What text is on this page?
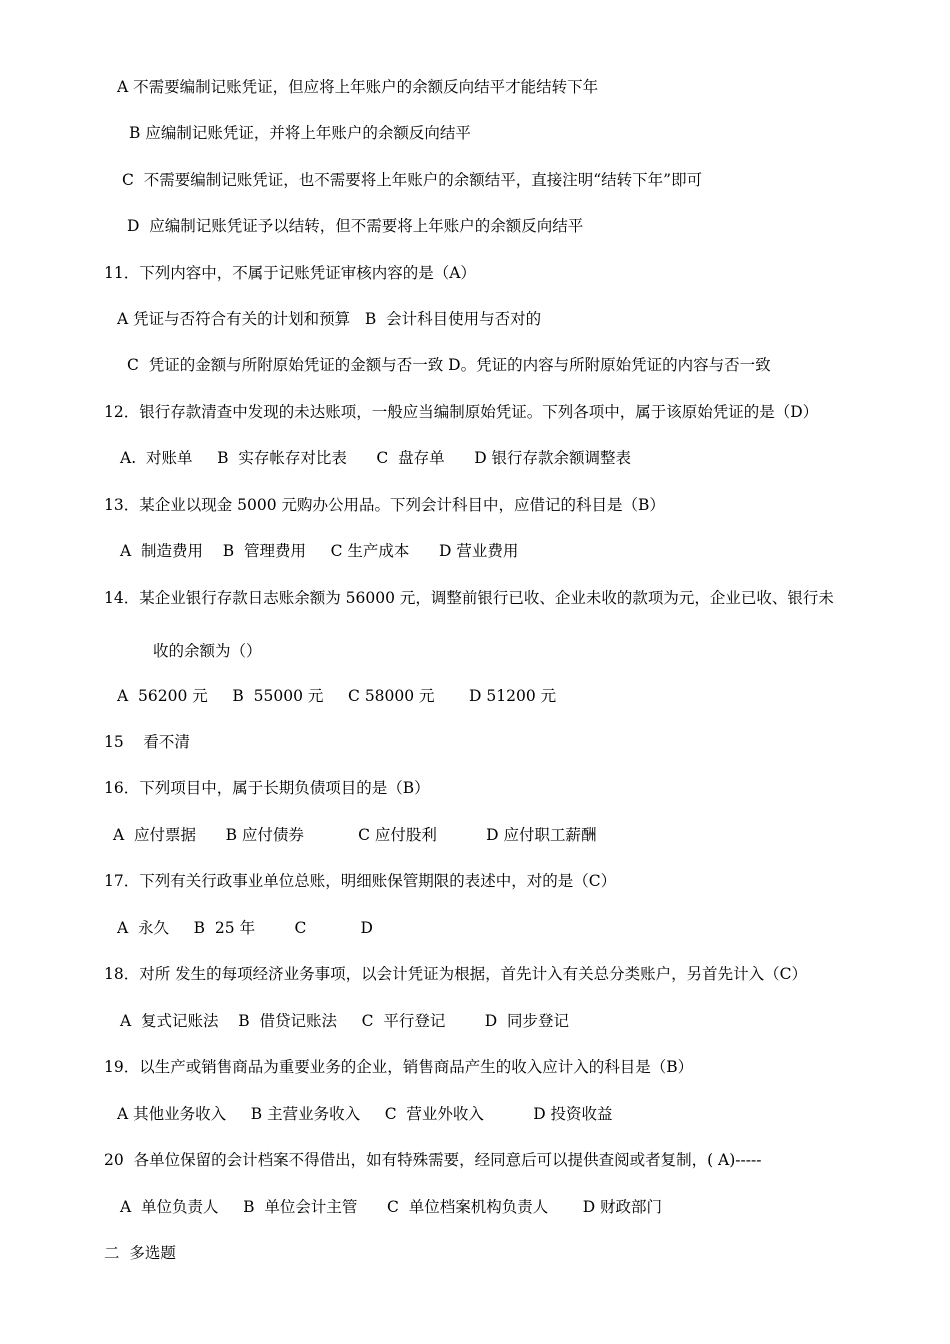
A 不需要编制记账凭证，但应将上年账户的余额反向结平才能结转下年
B 应编制记账凭证，并将上年账户的余额反向结平
C  不需要编制记账凭证，也不需要将上年账户的余额结平，直接注明“结转下年”即可
D  应编制记账凭证予以结转，但不需要将上年账户的余额反向结平
11．下列内容中，不属于记账凭证审核内容的是（A）
A 凭证与否符合有关的计划和预算   B  会计科目使用与否对的
C  凭证的金额与所附原始凭证的金额与否一致 D。凭证的内容与所附原始凭证的内容与否一致
12．银行存款清查中发现的未达账项，一般应当编制原始凭证。下列各项中，属于该原始凭证的是（D）
A.  对账单     B  实存帐存对比表      C  盘存单      D 银行存款余额调整表
13．某企业以现金 5000 元购办公用品。下列会计科目中，应借记的科目是（B）
A  制造费用    B  管理费用     C 生产成本      D 营业费用
14．某企业银行存款日志账余额为 56000 元，调整前银行已收、企业未收的款项为元，企业已收、银行未
收的余额为（）
A  56200 元     B  55000 元     C 58000 元       D 51200 元
15    看不清
16．下列项目中，属于长期负债项目的是（B）
A  应付票据      B 应付债券           C 应付股利          D 应付职工薪酬
17．下列有关行政事业单位总账，明细账保管期限的表述中，对的是（C）
A  永久     B  25 年        C           D
18．对所 发生的每项经济业务事项，以会计凭证为根据，首先计入有关总分类账户，另首先计入（C）
A  复式记账法    B  借贷记账法     C  平行登记        D  同步登记
19．以生产或销售商品为重要业务的企业，销售商品产生的收入应计入的科目是（B）
A 其他业务收入     B 主营业务收入     C  营业外收入          D 投资收益
20  各单位保留的会计档案不得借出，如有特殊需要，经同意后可以提供查阅或者复制，( A)-----
A  单位负责人     B  单位会计主管      C  单位档案机构负责人       D 财政部门
二  多选题
